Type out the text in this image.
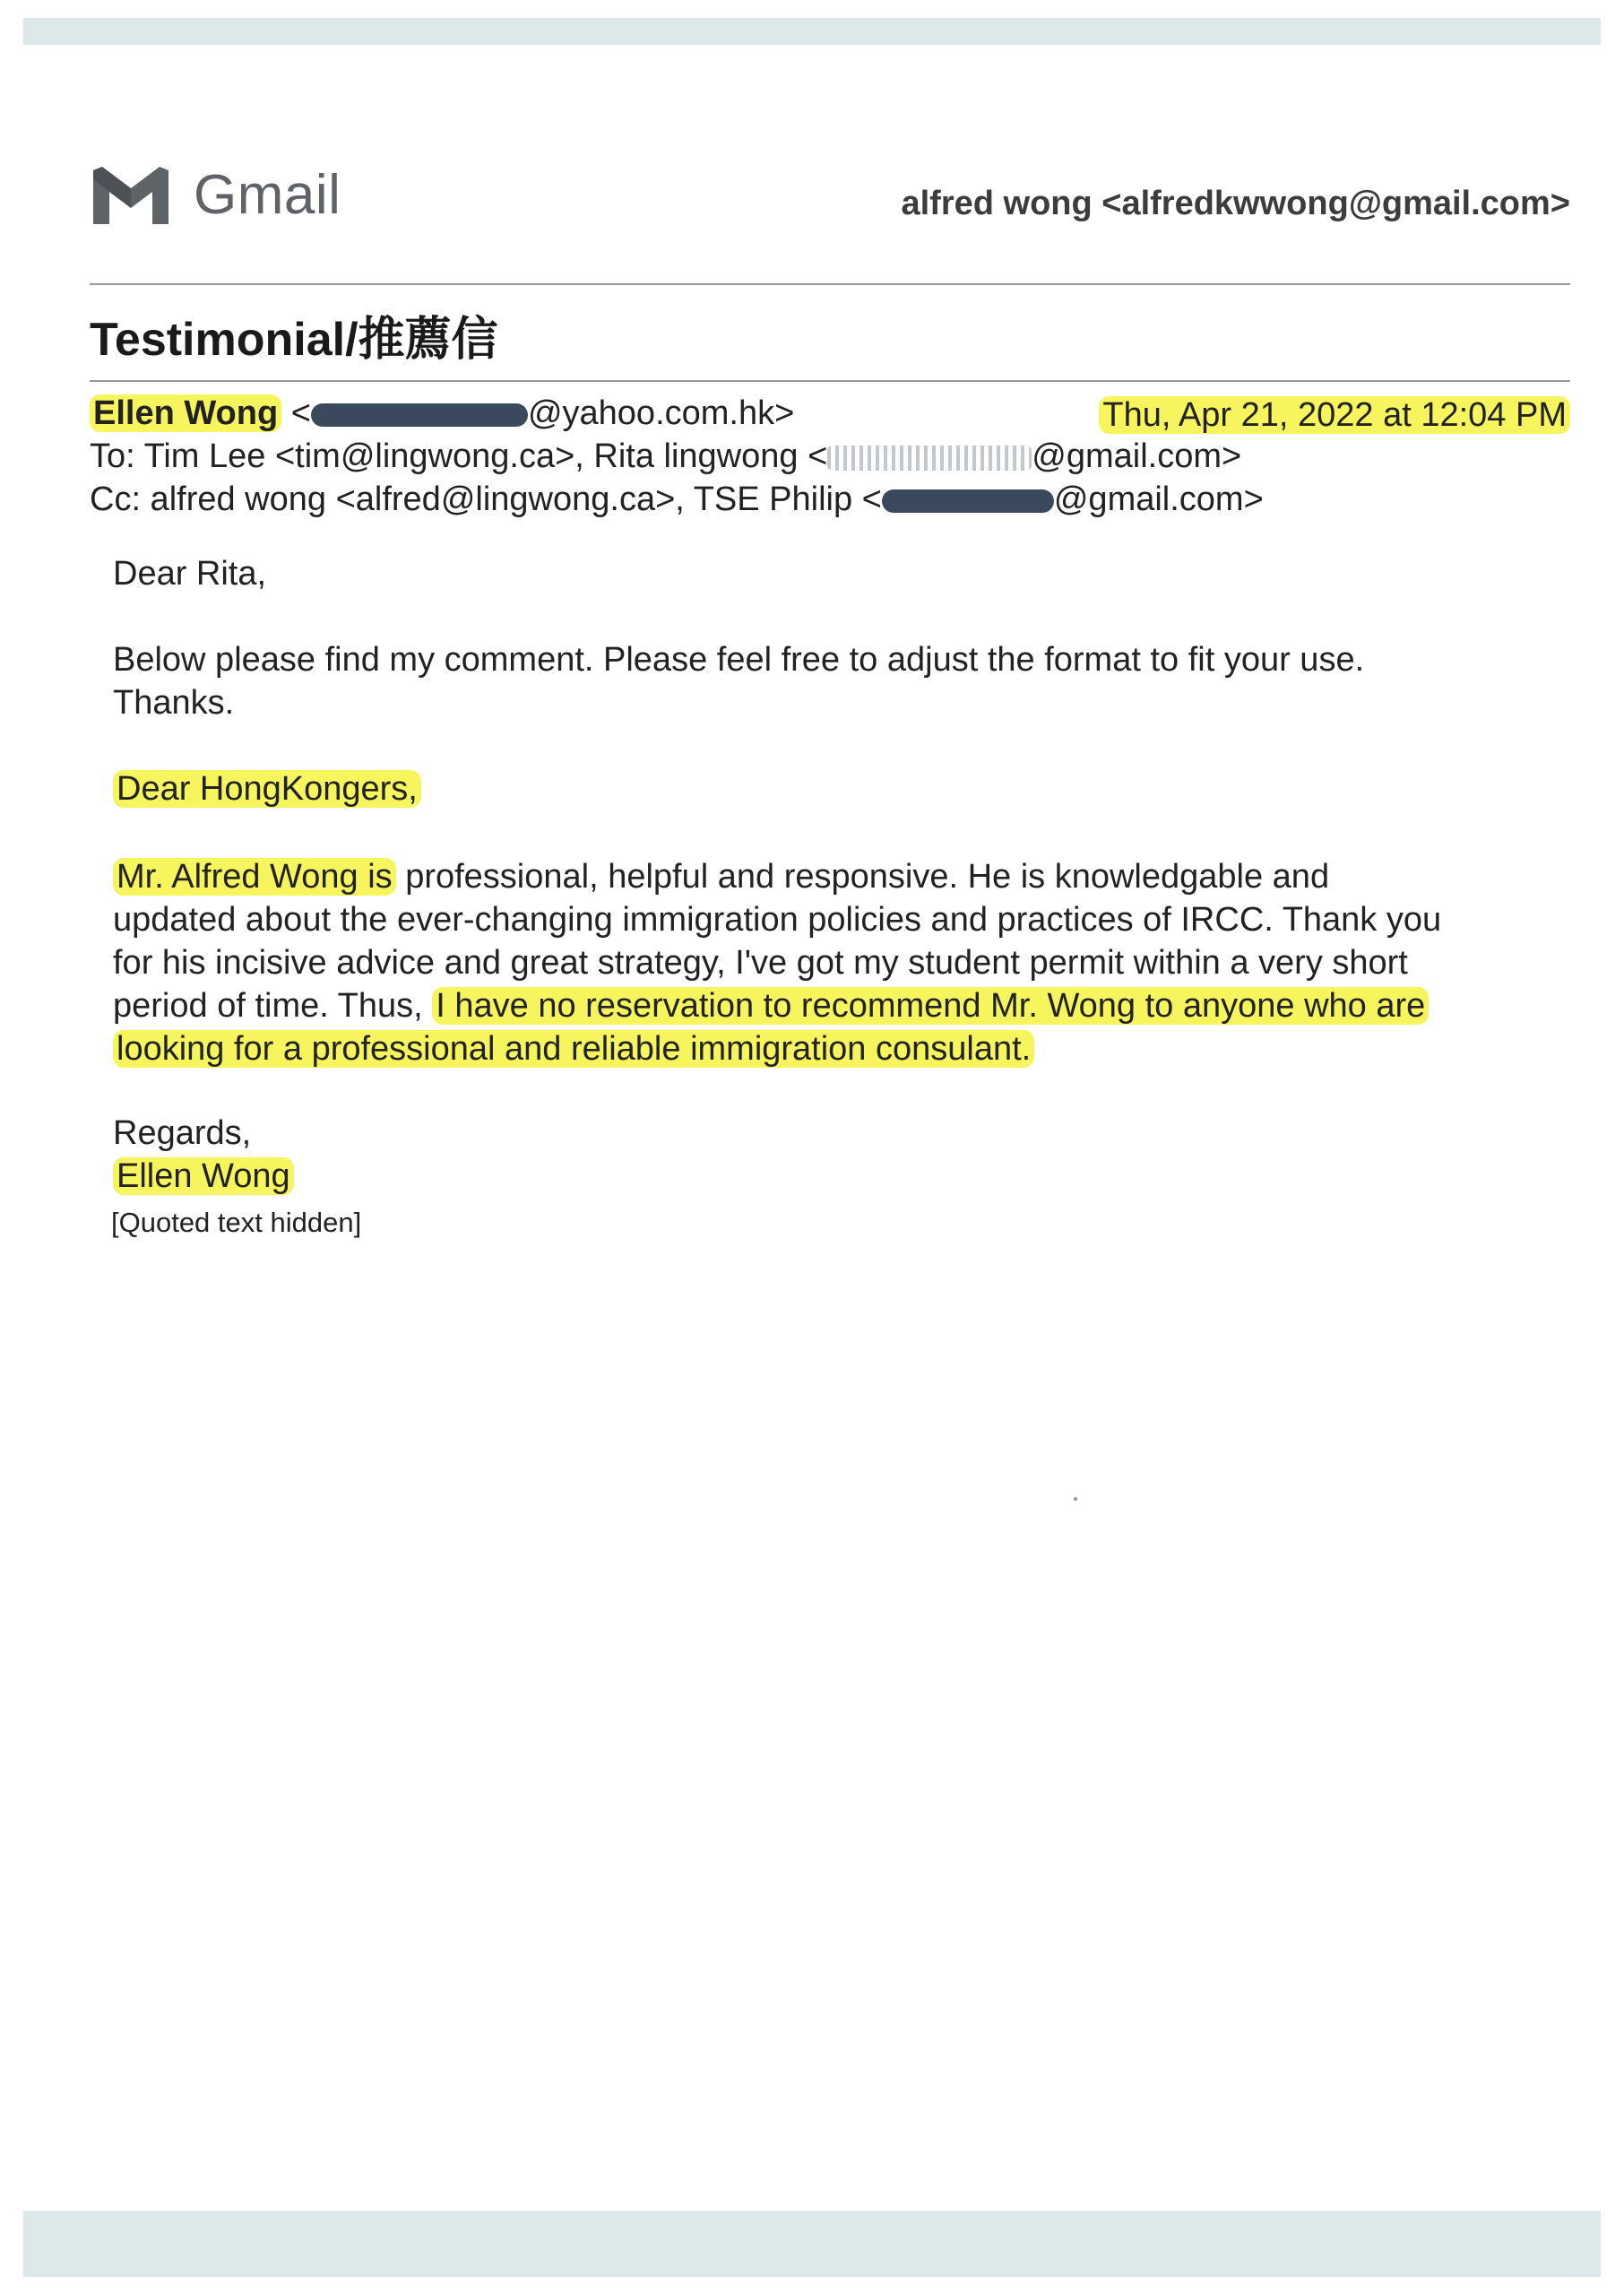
Gmail	alfred wong <alfredkwwong@gmail.com>
Testimonial/推薦信
Ellen Wong <	@yahoo.com.hk>	Thu, Apr 21, 2022 at 12:04 PM
To: Tim Lee <tim@lingwong.ca>, Rita lingwong <	@gmail.com>
Cc: alfred wong <alfred@lingwong.ca>, TSE Philip <	@gmail.com>
Dear Rita,
Below please find my comment. Please feel free to adjust the format to fit your use.
Thanks.
Dear HongKongers,
Mr. Alfred Wong is professional, helpful and responsive. He is knowledgable and
updated about the ever-changing immigration policies and practices of IRCC. Thank you
for his incisive advice and great strategy, I've got my student permit within a very short
period of time. Thus, I have no reservation to recommend Mr. Wong to anyone who are
looking for a professional and reliable immigration consulant.
Regards,
Ellen Wong
[Quoted text hidden]
